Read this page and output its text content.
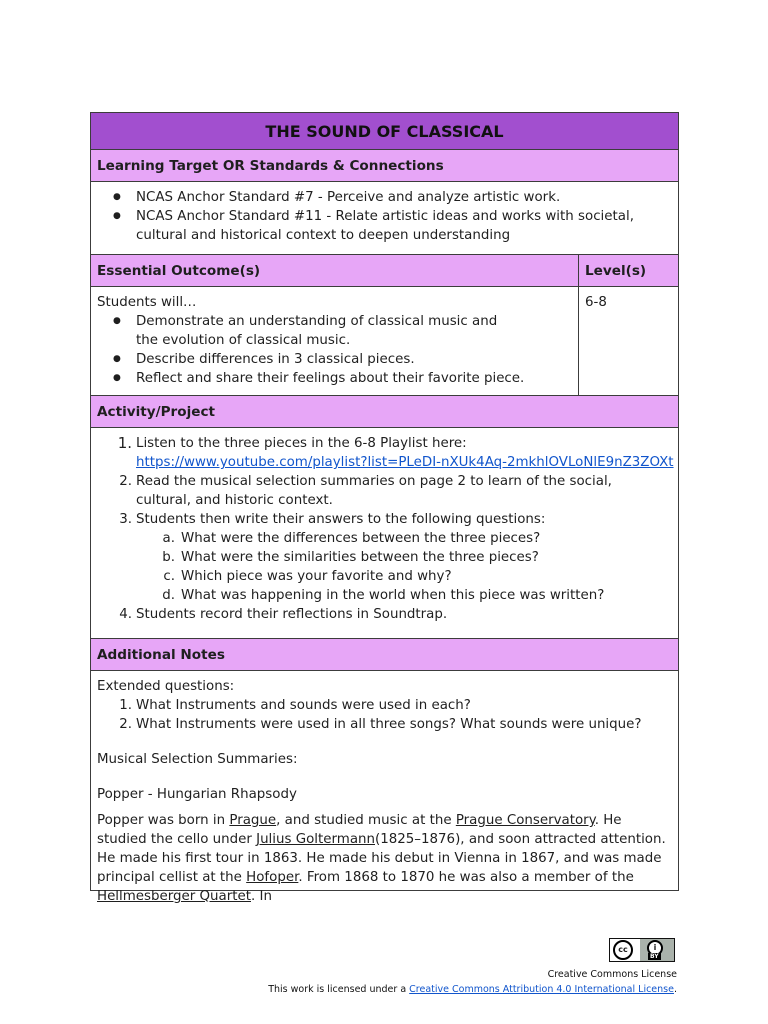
THE SOUND OF CLASSICAL
Learning Target OR Standards & Connections
● NCAS Anchor Standard #7 - Perceive and analyze artistic work.
● NCAS Anchor Standard #11 - Relate artistic ideas and works with societal, cultural and historical context to deepen understanding
Essential Outcome(s)	Level(s)
Students will…
● Demonstrate an understanding of classical music and the evolution of classical music.
● Describe differences in 3 classical pieces.
● Reflect and share their feelings about their favorite piece.
6-8
Activity/Project
1. Listen to the three pieces in the 6-8 Playlist here:
https://www.youtube.com/playlist?list=PLeDI-nXUk4Aq-2mkhlOVLoNlE9nZ3ZOXt
2. Read the musical selection summaries on page 2 to learn of the social, cultural, and historic context.
3. Students then write their answers to the following questions:
a. What were the differences between the three pieces?
b. What were the similarities between the three pieces?
c. Which piece was your favorite and why?
d. What was happening in the world when this piece was written?
4. Students record their reflections in Soundtrap.
Additional Notes
Extended questions:
1. What Instruments and sounds were used in each?
2. What Instruments were used in all three songs? What sounds were unique?
Musical Selection Summaries:
Popper - Hungarian Rhapsody
Popper was born in Prague, and studied music at the Prague Conservatory. He studied the cello under Julius Goltermann(1825–1876), and soon attracted attention. He made his first tour in 1863. He made his debut in Vienna in 1867, and was made principal cellist at the Hofoper. From 1868 to 1870 he was also a member of the Hellmesberger Quartet. In
cc	i
BY
Creative Commons License
This work is licensed under a Creative Commons Attribution 4.0 International License.
